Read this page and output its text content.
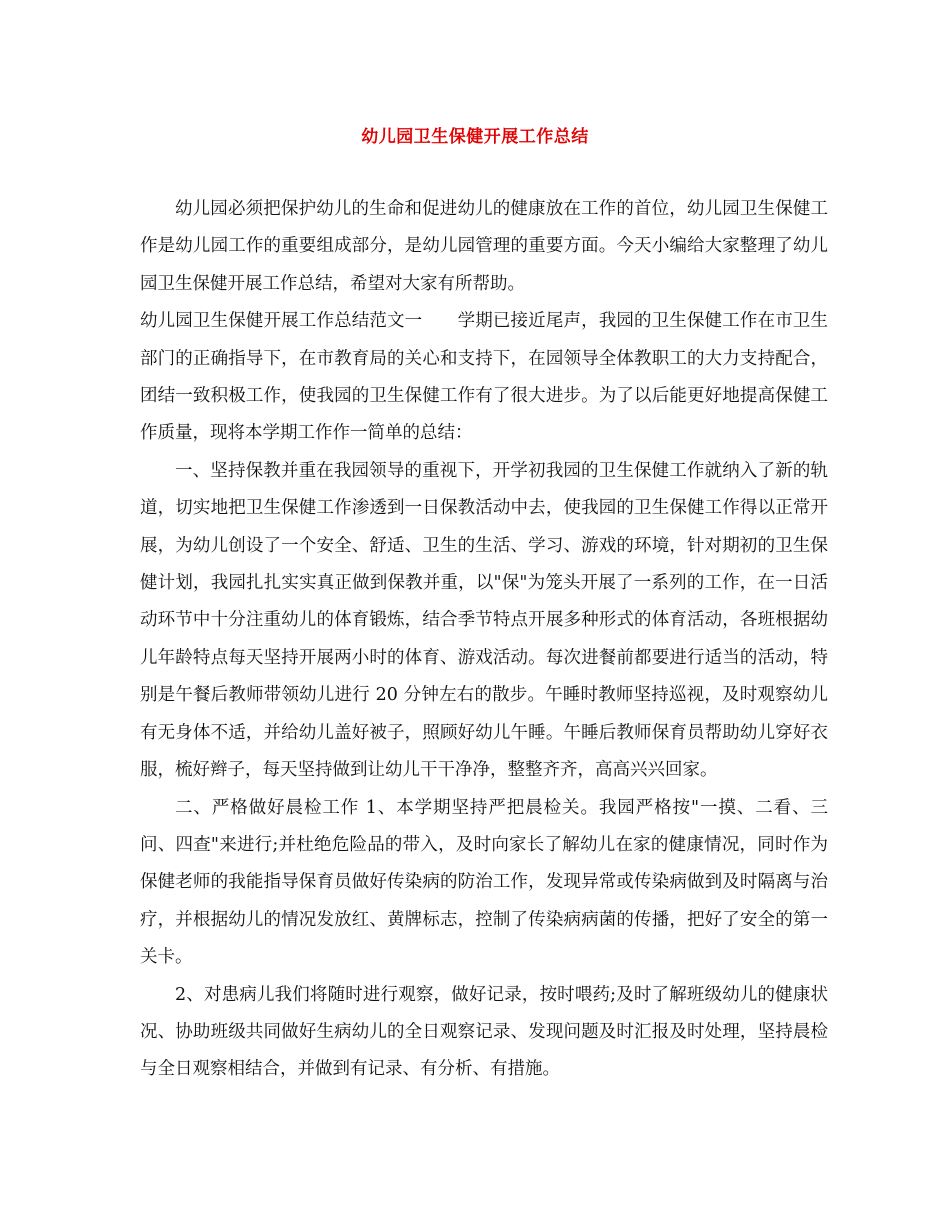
幼儿园卫生保健开展工作总结

幼儿园必须把保护幼儿的生命和促进幼儿的健康放在工作的首位，幼儿园卫生保健工作是幼儿园工作的重要组成部分，是幼儿园管理的重要方面。今天小编给大家整理了幼儿园卫生保健开展工作总结，希望对大家有所帮助。

幼儿园卫生保健开展工作总结范文一　　学期已接近尾声，我园的卫生保健工作在市卫生部门的正确指导下，在市教育局的关心和支持下，在园领导全体教职工的大力支持配合，团结一致积极工作，使我园的卫生保健工作有了很大进步。为了以后能更好地提高保健工作质量，现将本学期工作作一简单的总结：

一、坚持保教并重在我园领导的重视下，开学初我园的卫生保健工作就纳入了新的轨道，切实地把卫生保健工作渗透到一日保教活动中去，使我园的卫生保健工作得以正常开展，为幼儿创设了一个安全、舒适、卫生的生活、学习、游戏的环境，针对期初的卫生保健计划，我园扎扎实实真正做到保教并重，以"保"为笼头开展了一系列的工作，在一日活动环节中十分注重幼儿的体育锻炼，结合季节特点开展多种形式的体育活动，各班根据幼儿年龄特点每天坚持开展两小时的体育、游戏活动。每次进餐前都要进行适当的活动，特别是午餐后教师带领幼儿进行 20 分钟左右的散步。午睡时教师坚持巡视，及时观察幼儿有无身体不适，并给幼儿盖好被子，照顾好幼儿午睡。午睡后教师保育员帮助幼儿穿好衣服，梳好辫子，每天坚持做到让幼儿干干净净，整整齐齐，高高兴兴回家。

二、严格做好晨检工作 1、本学期坚持严把晨检关。我园严格按"一摸、二看、三问、四查"来进行;并杜绝危险品的带入，及时向家长了解幼儿在家的健康情况，同时作为保健老师的我能指导保育员做好传染病的防治工作，发现异常或传染病做到及时隔离与治疗，并根据幼儿的情况发放红、黄牌标志，控制了传染病病菌的传播，把好了安全的第一关卡。

2、对患病儿我们将随时进行观察，做好记录，按时喂药;及时了解班级幼儿的健康状况、协助班级共同做好生病幼儿的全日观察记录、发现问题及时汇报及时处理，坚持晨检与全日观察相结合，并做到有记录、有分析、有措施。
